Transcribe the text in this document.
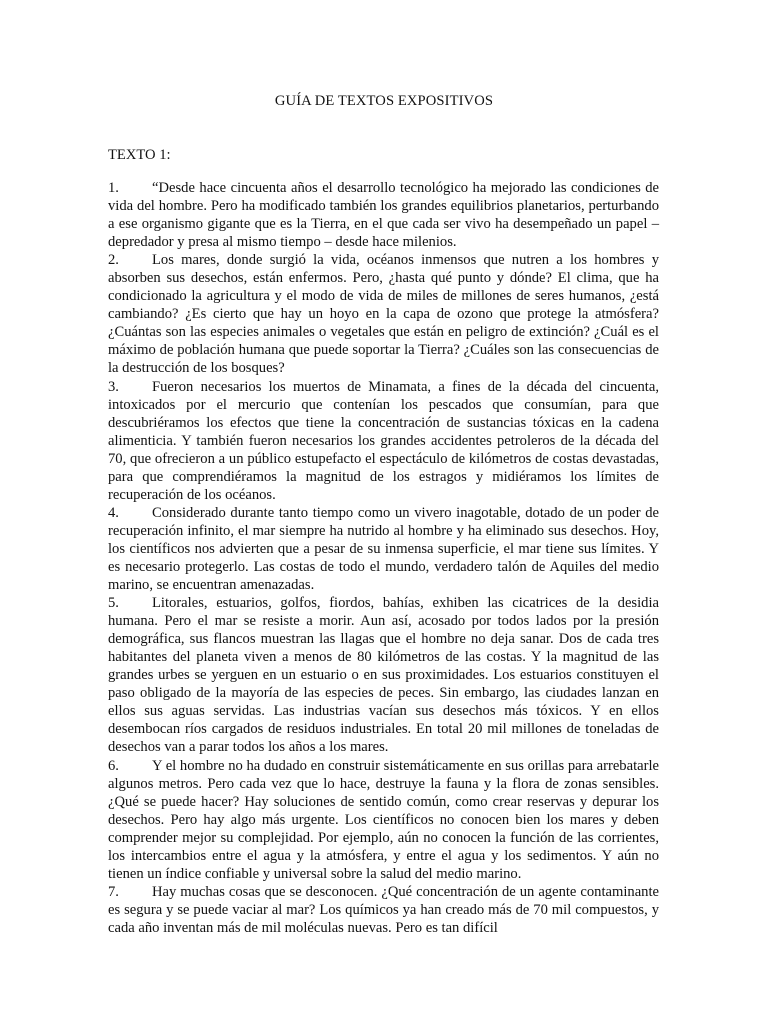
GUÍA DE TEXTOS EXPOSITIVOS
TEXTO 1:

1. “Desde hace cincuenta años el desarrollo tecnológico ha mejorado las condiciones de vida del hombre. Pero ha modificado también los grandes equilibrios planetarios, perturbando a ese organismo gigante que es la Tierra, en el que cada ser vivo ha desempeñado un papel – depredador y presa al mismo tiempo – desde hace milenios.

2. Los mares, donde surgió la vida, océanos inmensos que nutren a los hombres y absorben sus desechos, están enfermos. Pero, ¿hasta qué punto y dónde? El clima, que ha condicionado la agricultura y el modo de vida de miles de millones de seres humanos, ¿está cambiando? ¿Es cierto que hay un hoyo en la capa de ozono que protege la atmósfera? ¿Cuántas son las especies animales o vegetales que están en peligro de extinción? ¿Cuál es el máximo de población humana que puede soportar la Tierra? ¿Cuáles son las consecuencias de la destrucción de los bosques?

3. Fueron necesarios los muertos de Minamata, a fines de la década del cincuenta, intoxicados por el mercurio que contenían los pescados que consumían, para que descubriéramos los efectos que tiene la concentración de sustancias tóxicas en la cadena alimenticia. Y también fueron necesarios los grandes accidentes petroleros de la década del 70, que ofrecieron a un público estupefacto el espectáculo de kilómetros de costas devastadas, para que comprendiéramos la magnitud de los estragos y midiéramos los límites de recuperación de los océanos.

4. Considerado durante tanto tiempo como un vivero inagotable, dotado de un poder de recuperación infinito, el mar siempre ha nutrido al hombre y ha eliminado sus desechos. Hoy, los científicos nos advierten que a pesar de su inmensa superficie, el mar tiene sus límites. Y es necesario protegerlo. Las costas de todo el mundo, verdadero talón de Aquiles del medio marino, se encuentran amenazadas.

5. Litorales, estuarios, golfos, fiordos, bahías, exhiben las cicatrices de la desidia humana. Pero el mar se resiste a morir. Aun así, acosado por todos lados por la presión demográfica, sus flancos muestran las llagas que el hombre no deja sanar. Dos de cada tres habitantes del planeta viven a menos de 80 kilómetros de las costas. Y la magnitud de las grandes urbes se yerguen en un estuario o en sus proximidades. Los estuarios constituyen el paso obligado de la mayoría de las especies de peces. Sin embargo, las ciudades lanzan en ellos sus aguas servidas. Las industrias vacían sus desechos más tóxicos. Y en ellos desembocan ríos cargados de residuos industriales. En total 20 mil millones de toneladas de desechos van a parar todos los años a los mares.

6. Y el hombre no ha dudado en construir sistemáticamente en sus orillas para arrebatarle algunos metros. Pero cada vez que lo hace, destruye la fauna y la flora de zonas sensibles. ¿Qué se puede hacer? Hay soluciones de sentido común, como crear reservas y depurar los desechos. Pero hay algo más urgente. Los científicos no conocen bien los mares y deben comprender mejor su complejidad. Por ejemplo, aún no conocen la función de las corrientes, los intercambios entre el agua y la atmósfera, y entre el agua y los sedimentos. Y aún no tienen un índice confiable y universal sobre la salud del medio marino.

7. Hay muchas cosas que se desconocen. ¿Qué concentración de un agente contaminante es segura y se puede vaciar al mar? Los químicos ya han creado más de 70 mil compuestos, y cada año inventan más de mil moléculas nuevas. Pero es tan difícil
